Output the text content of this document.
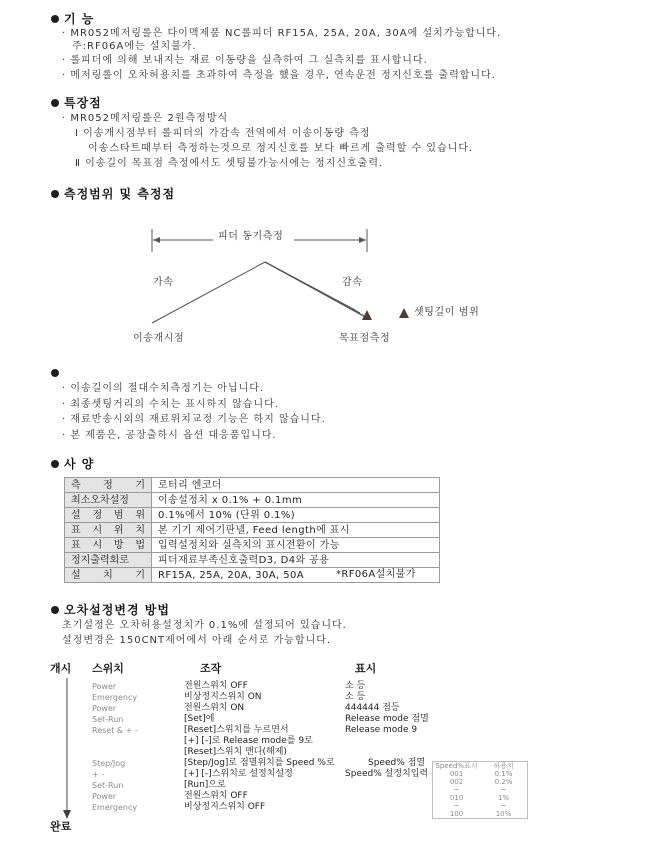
기 능
· MR052메저링롤은 다이맥제품 NC롤피더 RF15A, 25A, 20A, 30A에 설치가능합니다.
주:RF06A에는 설치불가.
· 롤피더에 의해 보내지는 재료 이동량을 실측하여 그 실측치를 표시합니다.
· 메저링롤이 오차허용치를 초과하여 측정을 했을 경우, 연속운전 정지신호를 출력합니다.
특장점
· MR052메저링롤은 2원측정방식
Ⅰ 이송개시점부터 롤피더의 가감속 전역에서 이송이동량 측정
이송스타트때부터 측정하는것으로 정지신호를 보다 빠르게 출력할 수 있습니다.
Ⅱ 이송길이 목표점 측정에서도 셋팅불가능시에는 정지신호출력.
측정범위 및 측정점
피더 동기측정
가속	감속
이송개시점	목표점측정
셋팅길이 범위
· 이송길이의 절대수치측정기는 아닙니다.
· 최종셋팅거리의 수치는 표시하지 않습니다.
· 재료반송시외의 재료위치교정 기능은 하지 않습니다.
· 본 제품은, 공장출하시 옵션 대응품입니다.
사 양
측 정 기	로터리 엔코더
최소오차설정	이송설정치 x 0.1% + 0.1mm
설 정 범 위	0.1%에서 10% (단위 0.1%)
표 시 위 치	본 기기 제어기판넬, Feed length에 표시
표 시 방 법	입력설정치와 실측치의 표시전환이 가능
정지출력회로	피더재료부족신호출력D3, D4와 공용
설 치 기	RF15A, 25A, 20A, 30A, 50A *RF06A설치불가
오차설정변경 방법
초기설정은 오차허용설정치가 0.1%에 설정되어 있습니다.
설정변경은 150CNT제어에서 아래 순서로 가능합니다.
개시 스위치	조작	표시
Power	전원스위치 OFF	소 등
Emergency	비상정지스위치 ON	소 등
Power	전원스위치 ON	444444 점등
Set-Run	[Set]에	Release mode 점멸
Reset & + -	[Reset]스위치를 누르면서	Release mode 9
[+] [-]로 Release mode를 9로
[Reset]스위치 맨다(해제)
Step/Jog	[Step/Jog]로 점멸위치를 Speed %로	Speed% 점멸
+ -	[+] [-]스위치로 설정치설정	Speed% 설정치입력
Set-Run	[Run]으로
Power	전원스위치 OFF
Emergency	비상정지스위치 OFF
완료
Speed%표시	허용치
001	0.1%
002	0.2%
~	~
010	1%
~	~
100	10%
